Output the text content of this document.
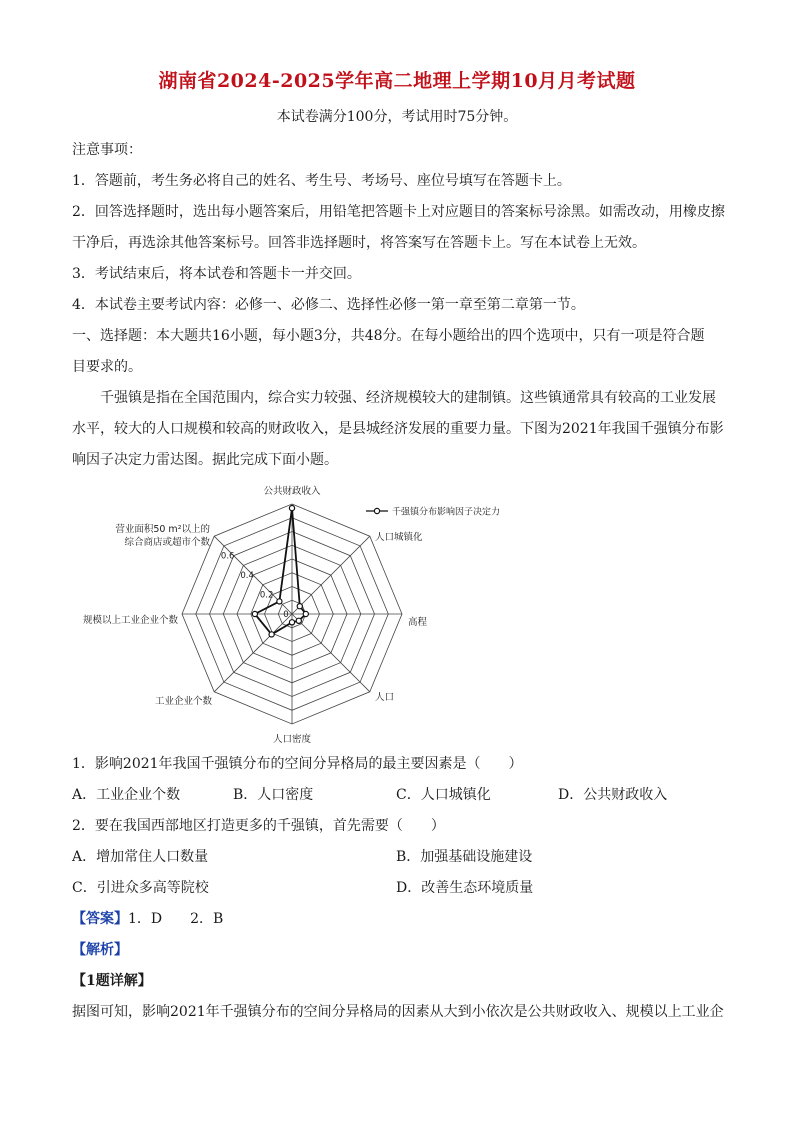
湖南省2024-2025学年高二地理上学期10月月考试题
本试卷满分100分，考试用时75分钟。
注意事项：
1．答题前，考生务必将自己的姓名、考生号、考场号、座位号填写在答题卡上。
2．回答选择题时，选出每小题答案后，用铅笔把答题卡上对应题目的答案标号涂黑。如需改动，用橡皮擦
干净后，再选涂其他答案标号。回答非选择题时，将答案写在答题卡上。写在本试卷上无效。
3．考试结束后，将本试卷和答题卡一并交回。
4．本试卷主要考试内容：必修一、必修二、选择性必修一第一章至第二章第一节。
一、选择题：本大题共16小题，每小题3分，共48分。在每小题给出的四个选项中，只有一项是符合题
目要求的。
千强镇是指在全国范围内，综合实力较强、经济规模较大的建制镇。这些镇通常具有较高的工业发展
水平，较大的人口规模和较高的财政收入，是县城经济发展的重要力量。下图为2021年我国千强镇分布影
响因子决定力雷达图。据此完成下面小题。
0
0.2
0.4
0.6
公共财政收入
人口城镇化
高程
人口
人口密度
工业企业个数
规模以上工业企业个数
营业面积50 m²以上的
综合商店或超市个数
千强镇分布影响因子决定力
1．影响2021年我国千强镇分布的空间分异格局的最主要因素是（　　）
A．工业企业个数	B．人口密度	C．人口城镇化	D．公共财政收入
2．要在我国西部地区打造更多的千强镇，首先需要（　　）
A．增加常住人口数量	B．加强基础设施建设
C．引进众多高等院校	D．改善生态环境质量
【答案】1．D　　2．B
【解析】
【1题详解】
据图可知，影响2021年千强镇分布的空间分异格局的因素从大到小依次是公共财政收入、规模以上工业企
